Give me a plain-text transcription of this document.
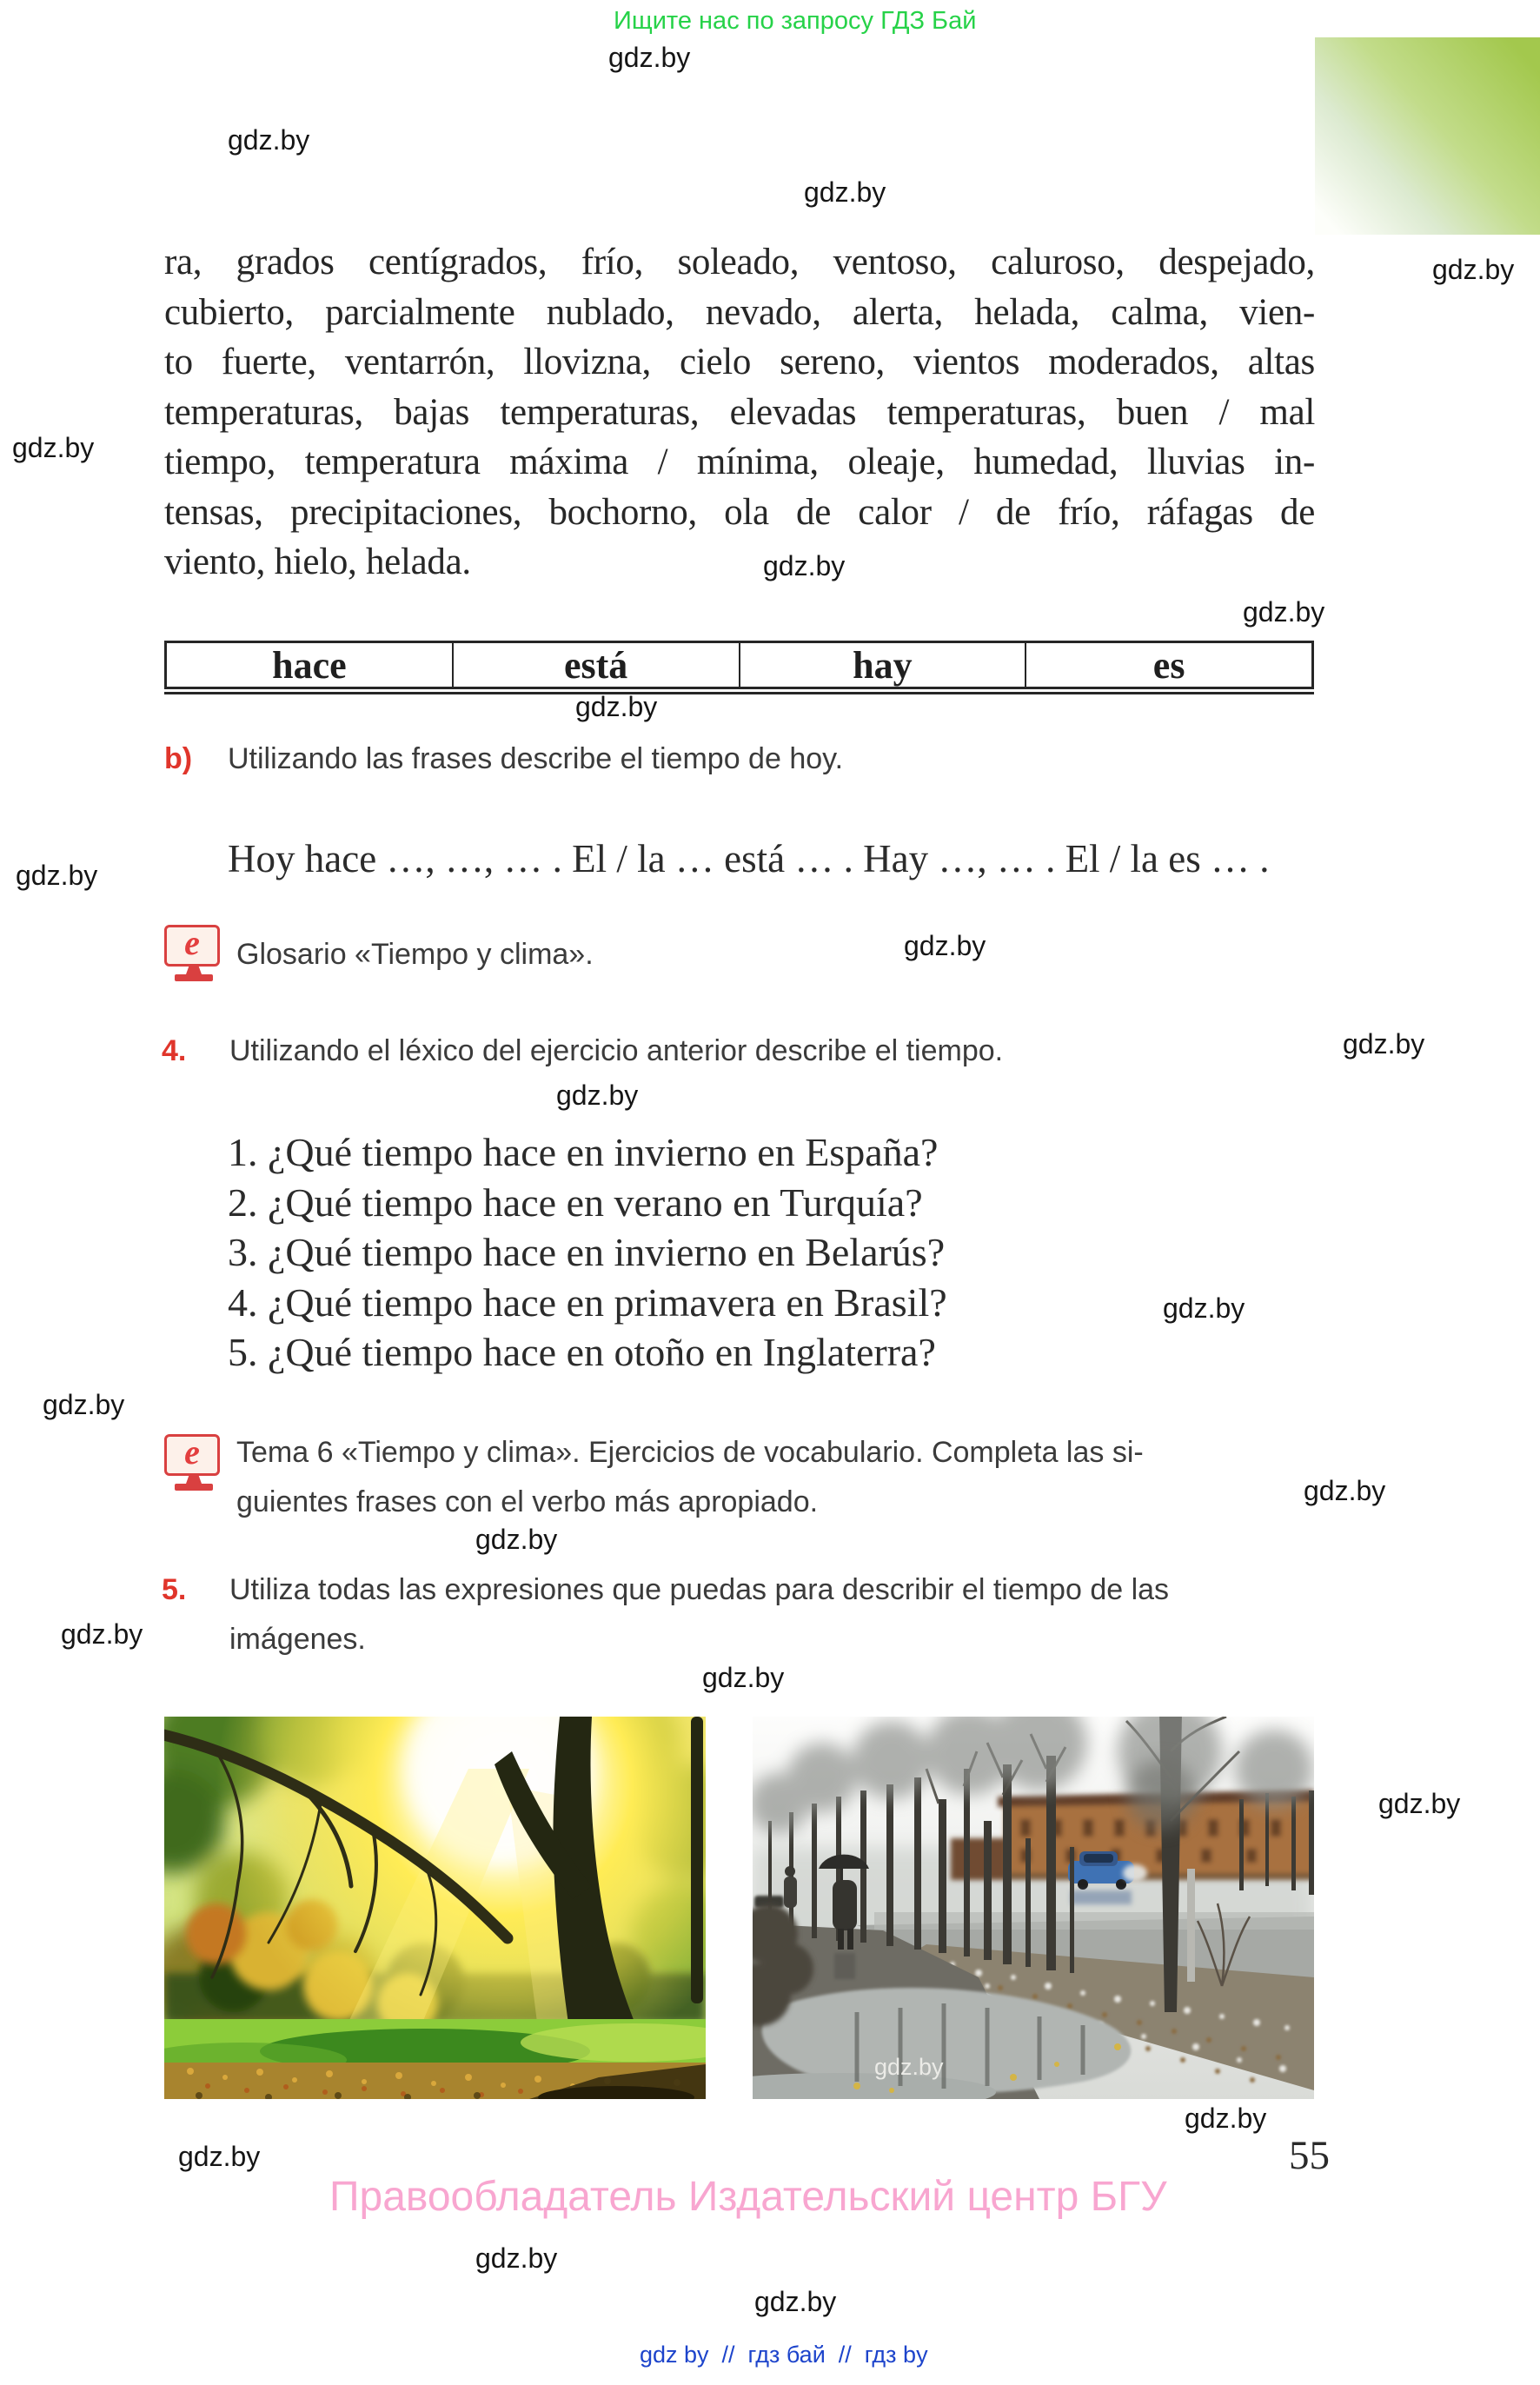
Ищите нас по запросу ГДЗ Бай
gdz.by
gdz.by
gdz.by
gdz.by
gdz.by
gdz.by
gdz.by
gdz.by
gdz.by
gdz.by
gdz.by
gdz.by
gdz.by
gdz.by
gdz.by
gdz.by
gdz.by
gdz.by
gdz.by
gdz.by
gdz.by
gdz.by
gdz.by
ra, grados centígrados, frío, soleado, ventoso, caluroso, despejado,
cubierto, parcialmente nublado, nevado, alerta, helada, calma, vien-
to fuerte, ventarrón, llovizna, cielo sereno, vientos moderados, altas
temperaturas, bajas temperaturas, elevadas temperaturas, buen / mal
tiempo, temperatura máxima / mínima, oleaje, humedad, lluvias in-
tensas, precipitaciones, bochorno, ola de calor / de frío, ráfagas de
viento, hielo, helada.
hace	está	hay	es
b) Utilizando las frases describe el tiempo de hoy.
Hoy hace …, …, … . El / la … está … . Hay …, … . El / la es … .
e Glosario «Tiempo y clima».
4. Utilizando el léxico del ejercicio anterior describe el tiempo.
1. ¿Qué tiempo hace en invierno en España?
2. ¿Qué tiempo hace en verano en Turquía?
3. ¿Qué tiempo hace en invierno en Belarús?
4. ¿Qué tiempo hace en primavera en Brasil?
5. ¿Qué tiempo hace en otoño en Inglaterra?
e Tema 6 «Tiempo y clima». Ejercicios de vocabulario. Completa las si-
guientes frases con el verbo más apropiado.
5. Utiliza todas las expresiones que puedas para describir el tiempo de las
imágenes.
gdz.by
55
Правообладатель Издательский центр БГУ
gdz by  //  гдз бай  //  гдз by
